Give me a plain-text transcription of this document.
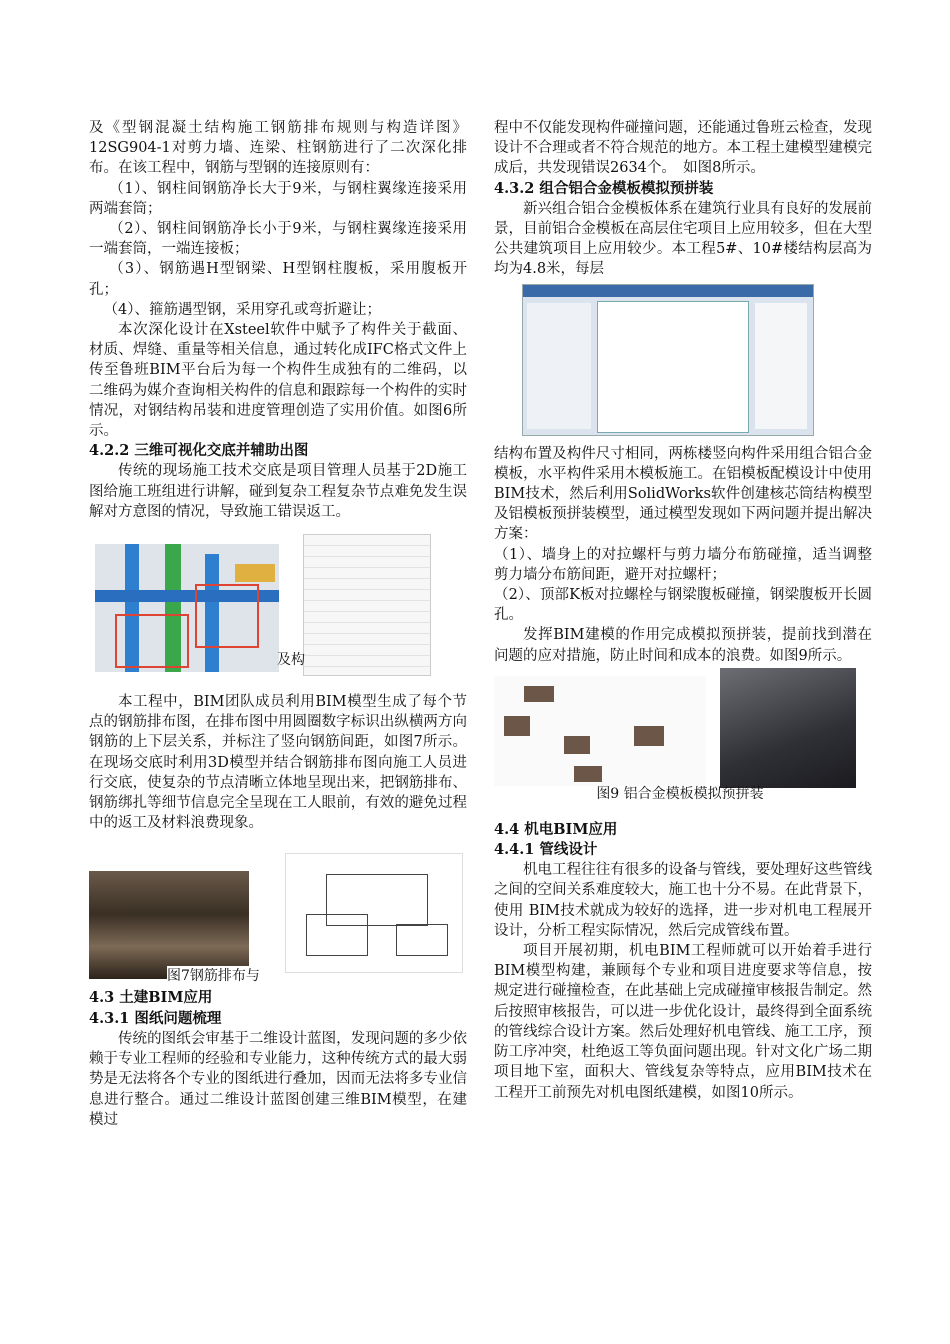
及《型钢混凝土结构施工钢筋排布规则与构造详图》12SG904-1对剪力墙、连梁、柱钢筋进行了二次深化排布。在该工程中，钢筋与型钢的连接原则有：

（1）、钢柱间钢筋净长大于9米，与钢柱翼缘连接采用两端套筒；

（2）、钢柱间钢筋净长小于9米，与钢柱翼缘连接采用一端套筒，一端连接板；

（3）、钢筋遇H型钢梁、H型钢柱腹板，采用腹板开孔；

（4）、箍筋遇型钢，采用穿孔或弯折避让；

本次深化设计在Xsteel软件中赋予了构件关于截面、材质、焊缝、重量等相关信息，通过转化成IFC格式文件上传至鲁班BIM平台后为每一个构件生成独有的二维码，以二维码为媒介查询相关构件的信息和跟踪每一个构件的实时情况，对钢结构吊装和进度管理创造了实用价值。如图6所示。

4.2.2 三维可视化交底并辅助出图

传统的现场施工技术交底是项目管理人员基于2D施工图给施工班组进行讲解，碰到复杂工程复杂节点难免发生误解对方意图的情况，导致施工错误返工。

及构

本工程中，BIM团队成员利用BIM模型生成了每个节点的钢筋排布图，在排布图中用圆圈数字标识出纵横两方向钢筋的上下层关系，并标注了竖向钢筋间距，如图7所示。在现场交底时利用3D模型并结合钢筋排布图向施工人员进行交底，使复杂的节点清晰立体地呈现出来，把钢筋排布、钢筋绑扎等细节信息完全呈现在工人眼前，有效的避免过程中的返工及材料浪费现象。

图7钢筋排布与
4.3 土建BIM应用
4.3.1 图纸问题梳理

传统的图纸会审基于二维设计蓝图，发现问题的多少依赖于专业工程师的经验和专业能力，这种传统方式的最大弱势是无法将各个专业的图纸进行叠加，因而无法将多专业信息进行整合。通过二维设计蓝图创建三维BIM模型，在建模过

程中不仅能发现构件碰撞问题，还能通过鲁班云检查，发现设计不合理或者不符合规范的地方。本工程土建模型建模完成后，共发现错误2634个。　如图8所示。

4.3.2 组合铝合金模板模拟预拼装

新兴组合铝合金模板体系在建筑行业具有良好的发展前景，目前铝合金模板在高层住宅项目上应用较多，但在大型公共建筑项目上应用较少。本工程5#、10#楼结构层高为均为4.8米，每层

结构布置及构件尺寸相同，两栋楼竖向构件采用组合铝合金模板，水平构件采用木模板施工。在铝模板配模设计中使用BIM技术，然后利用SolidWorks软件创建核芯筒结构模型及铝模板预拼装模型，通过模型发现如下两问题并提出解决方案：

（1）、墙身上的对拉螺杆与剪力墙分布筋碰撞，适当调整剪力墙分布筋间距，避开对拉螺杆；

（2）、顶部K板对拉螺栓与钢梁腹板碰撞，钢梁腹板开长圆孔。

发挥BIM建模的作用完成模拟预拼装，提前找到潜在问题的应对措施，防止时间和成本的浪费。如图9所示。

图9 铝合金模板模拟预拼装
4.4 机电BIM应用
4.4.1 管线设计

机电工程往往有很多的设备与管线，要处理好这些管线之间的空间关系难度较大，施工也十分不易。在此背景下，使用 BIM技术就成为较好的选择，进一步对机电工程展开设计，分析工程实际情况，然后完成管线布置。

项目开展初期，机电BIM工程师就可以开始着手进行BIM模型构建，兼顾每个专业和项目进度要求等信息，按规定进行碰撞检查，在此基础上完成碰撞审核报告制定。然后按照审核报告，可以进一步优化设计，最终得到全面系统的管线综合设计方案。然后处理好机电管线、施工工序，预防工序冲突，杜绝返工等负面问题出现。针对文化广场二期项目地下室，面积大、管线复杂等特点，应用BIM技术在工程开工前预先对机电图纸建模，如图10所示。
